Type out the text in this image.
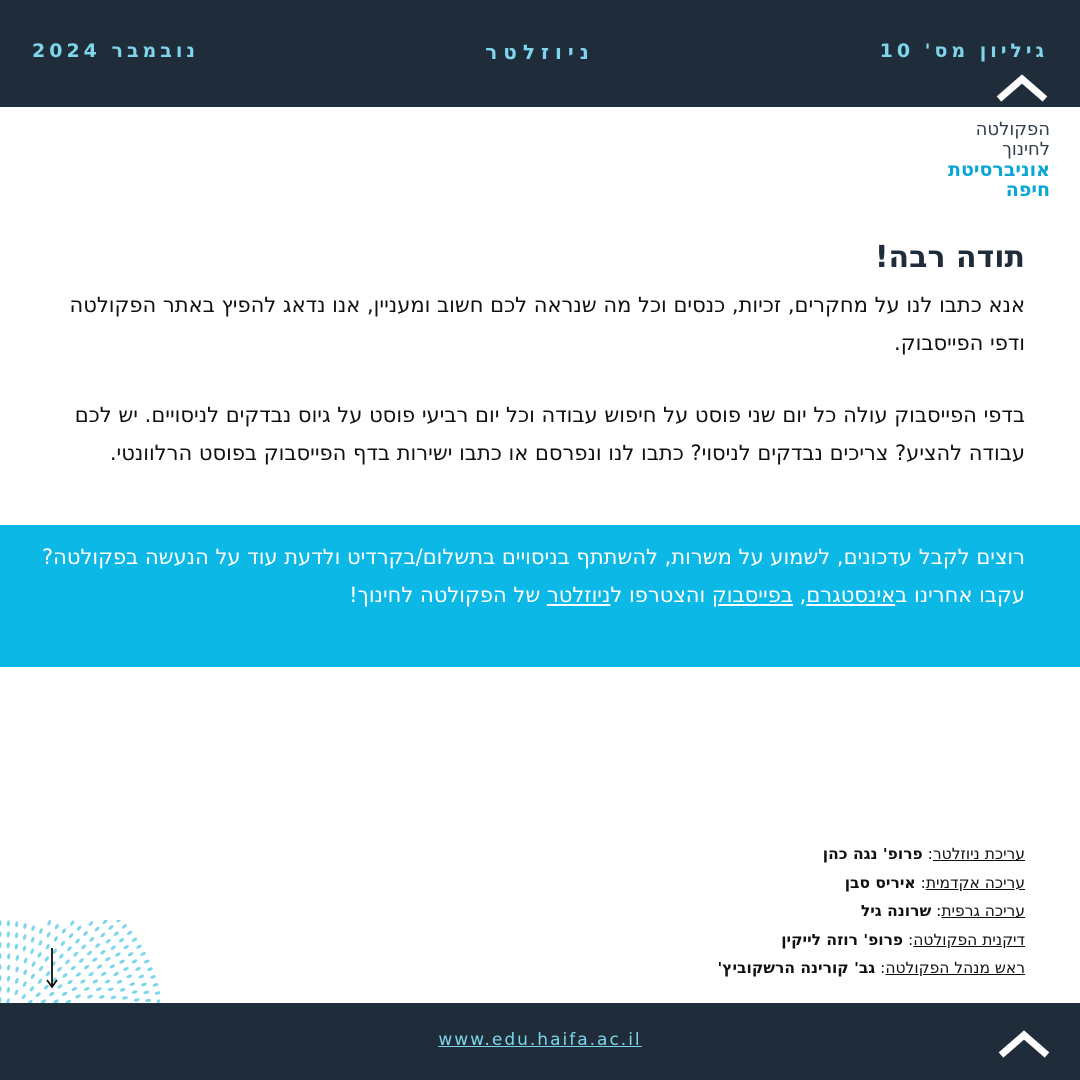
גיליון מס' 10
ניוזלטר
נובמבר 2024
הפקולטה
לחינוך
אוניברסיטת
חיפה
תודה רבה!
אנא כתבו לנו על מחקרים, זכיות, כנסים וכל מה שנראה לכם חשוב ומעניין, אנו נדאג להפיץ באתר הפקולטה ודפי הפייסבוק.
בדפי הפייסבוק עולה כל יום שני פוסט על חיפוש עבודה וכל יום רביעי פוסט על גיוס נבדקים לניסויים. יש לכם עבודה להציע? צריכים נבדקים לניסוי? כתבו לנו ונפרסם או כתבו ישירות בדף הפייסבוק בפוסט הרלוונטי.
רוצים לקבל עדכונים, לשמוע על משרות, להשתתף בניסויים בתשלום/בקרדיט ולדעת עוד על הנעשה בפקולטה?
עקבו אחרינו באינסטגרם, בפייסבוק והצטרפו לניוזלטר של הפקולטה לחינוך!
עריכת ניוזלטר: פרופ' נגה כהן
עריכה אקדמית: איריס סבן
עריכה גרפית: שרונה גיל
דיקנית הפקולטה: פרופ' רוזה לייקין
ראש מנהל הפקולטה: גב' קורינה הרשקוביץ'
www.edu.haifa.ac.il
